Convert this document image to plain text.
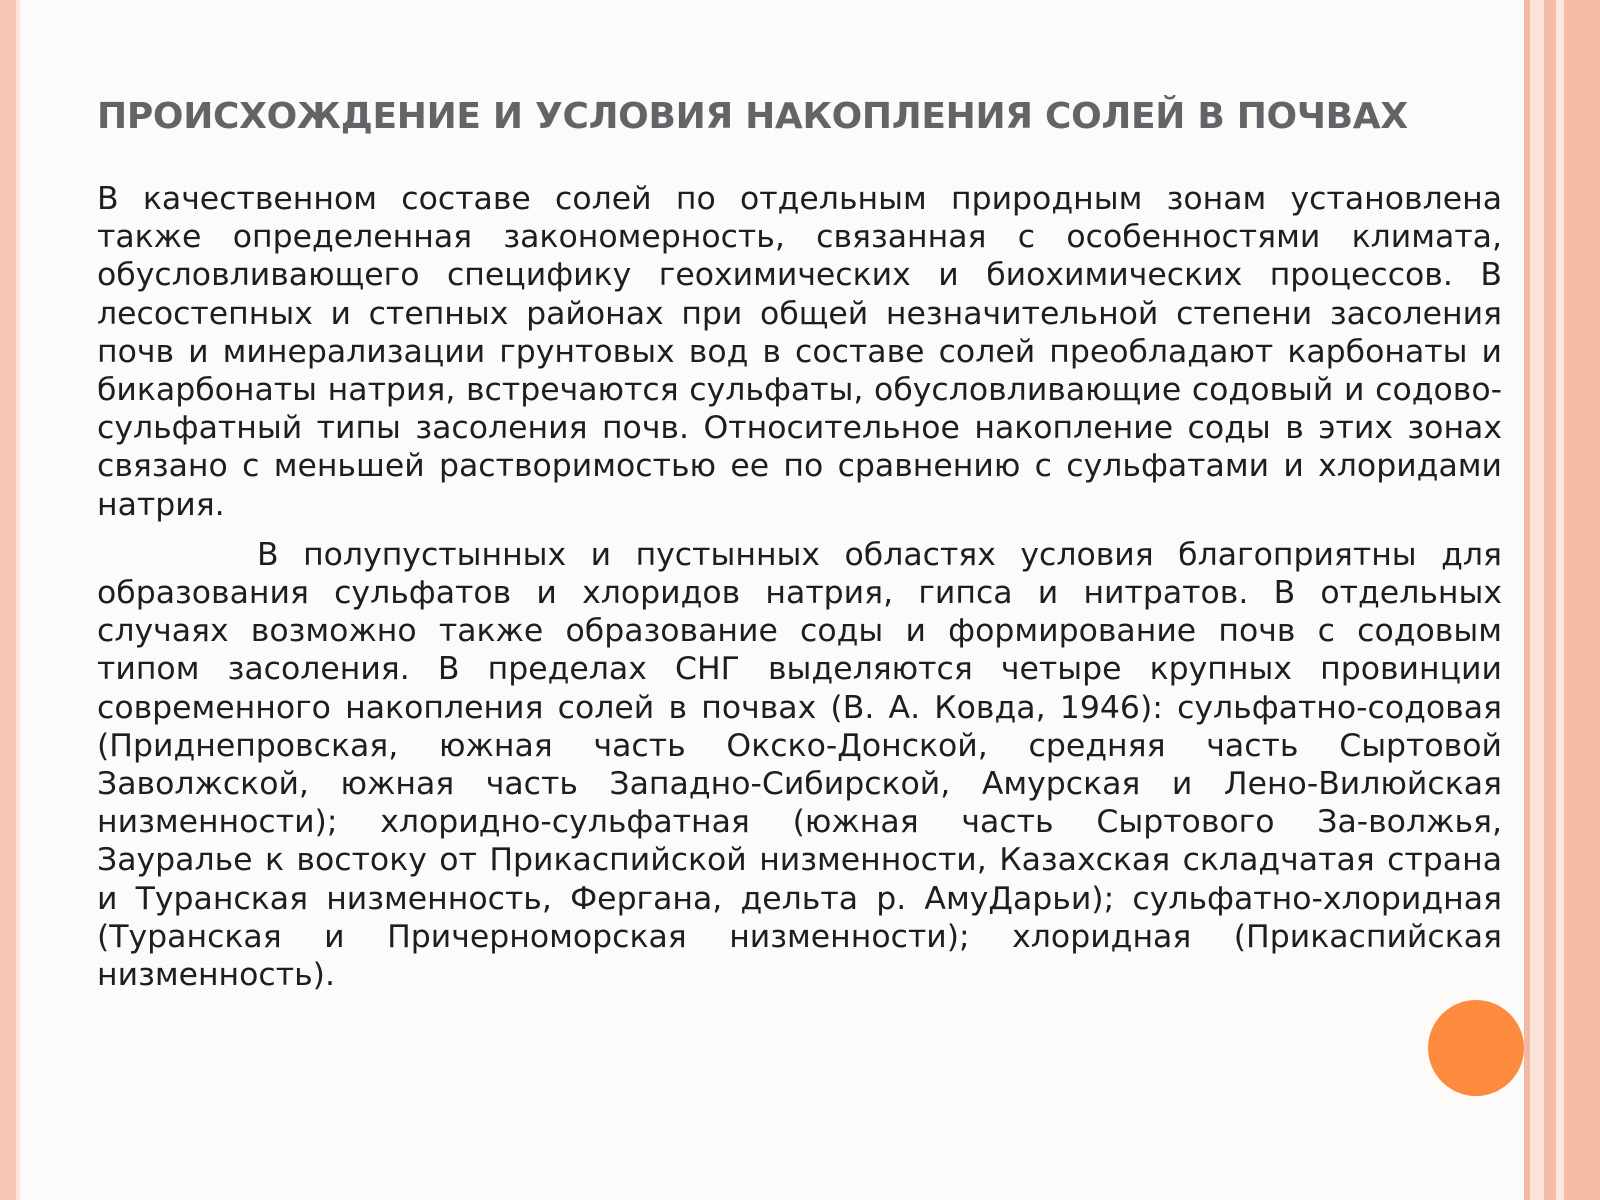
ПРОИСХОЖДЕНИЕ И УСЛОВИЯ НАКОПЛЕНИЯ СОЛЕЙ В ПОЧВАХ

В качественном составе солей по отдельным природным зонам установлена также определенная закономерность, связанная с особенностями климата, обусловливающего специфику геохимических и биохимических процессов. В лесостепных и степных районах при общей незначительной степени засоления почв и минерализации грунтовых вод в составе солей преобладают карбонаты и бикарбонаты натрия, встречаются сульфаты, обусловливающие содовый и содово-сульфатный типы засоления почв. Относительное накопление соды в этих зонах связано с меньшей растворимостью ее по сравнению с сульфатами и хлоридами натрия.

В полупустынных и пустынных областях условия благоприятны для образования сульфатов и хлоридов натрия, гипса и нитратов. В отдельных случаях возможно также образование соды и формирование почв с содовым типом засоления. В пределах СНГ выделяются четыре крупных провинции современного накопления солей в почвах (В. А. Ковда, 1946): сульфатно-содовая (Приднепровская, южная часть Окско-Донской, средняя часть Сыртовой Заволжской, южная часть Западно-Сибирской, Амурская и Лено-Вилюйская низменности); хлоридно-сульфатная (южная часть Сыртового За-волжья, Зауралье к востоку от Прикаспийской низменности, Казахская складчатая страна и Туранская низменность, Фергана, дельта р. АмуДарьи); сульфатно-хлоридная (Туранская и Причерноморская низменности); хлоридная (Прикаспийская низменность).
